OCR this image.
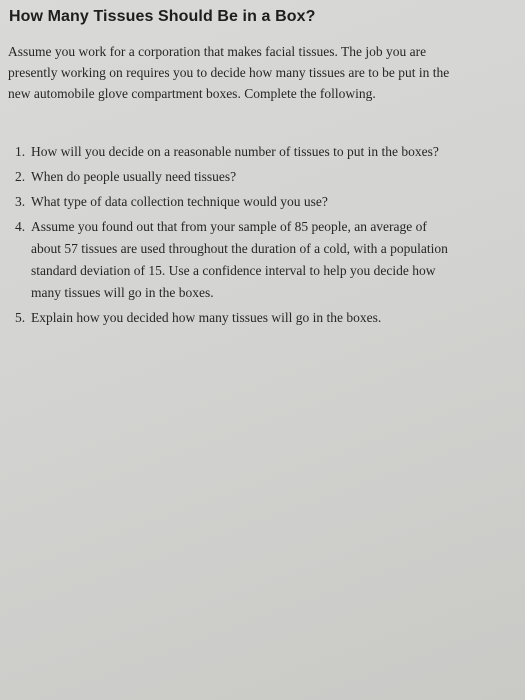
How Many Tissues Should Be in a Box?
Assume you work for a corporation that makes facial tissues. The job you are presently working on requires you to decide how many tissues are to be put in the new automobile glove compartment boxes. Complete the following.
1. How will you decide on a reasonable number of tissues to put in the boxes?
2. When do people usually need tissues?
3. What type of data collection technique would you use?
4. Assume you found out that from your sample of 85 people, an average of about 57 tissues are used throughout the duration of a cold, with a population standard deviation of 15. Use a confidence interval to help you decide how many tissues will go in the boxes.
5. Explain how you decided how many tissues will go in the boxes.
